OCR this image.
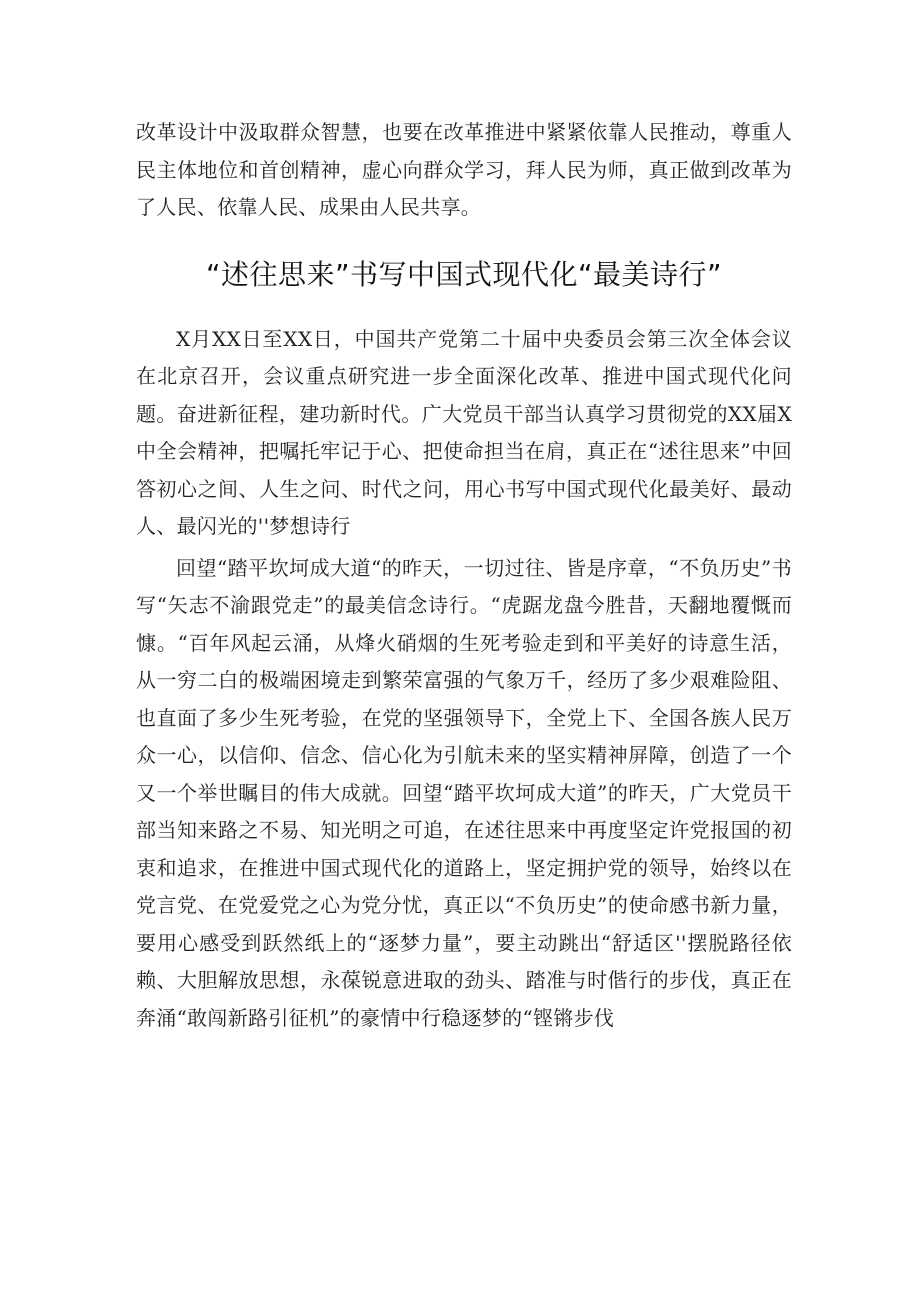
改革设计中汲取群众智慧，也要在改革推进中紧紧依靠人民推动，尊重人民主体地位和首创精神，虚心向群众学习，拜人民为师，真正做到改革为了人民、依靠人民、成果由人民共享。

“述往思来”书写中国式现代化“最美诗行”

X月XX日至XX日，中国共产党第二十届中央委员会第三次全体会议在北京召开，会议重点研究进一步全面深化改革、推进中国式现代化问题。奋进新征程，建功新时代。广大党员干部当认真学习贯彻党的XX届X中全会精神，把嘱托牢记于心、把使命担当在肩，真正在“述往思来”中回答初心之间、人生之问、时代之问，用心书写中国式现代化最美好、最动人、最闪光的''梦想诗行

回望“踏平坎坷成大道“的昨天，一切过往、皆是序章，“不负历史”书写“矢志不渝跟党走”的最美信念诗行。“虎踞龙盘今胜昔，天翻地覆慨而慷。“百年风起云涌，从烽火硝烟的生死考验走到和平美好的诗意生活，从一穷二白的极端困境走到繁荣富强的气象万千，经历了多少艰难险阻、也直面了多少生死考验，在党的坚强领导下，全党上下、全国各族人民万众一心，以信仰、信念、信心化为引航未来的坚实精神屏障，创造了一个又一个举世瞩目的伟大成就。回望“踏平坎坷成大道”的昨天，广大党员干部当知来路之不易、知光明之可追，在述往思来中再度坚定许党报国的初衷和追求，在推进中国式现代化的道路上，坚定拥护党的领导，始终以在党言党、在党爱党之心为党分忧，真正以“不负历史”的使命感书新力量，要用心感受到跃然纸上的“逐梦力量”，要主动跳出“舒适区''摆脱路径依赖、大胆解放思想，永葆锐意进取的劲头、踏准与时偕行的步伐，真正在奔涌“敢闯新路引征机”的豪情中行稳逐梦的“铿锵步伐
